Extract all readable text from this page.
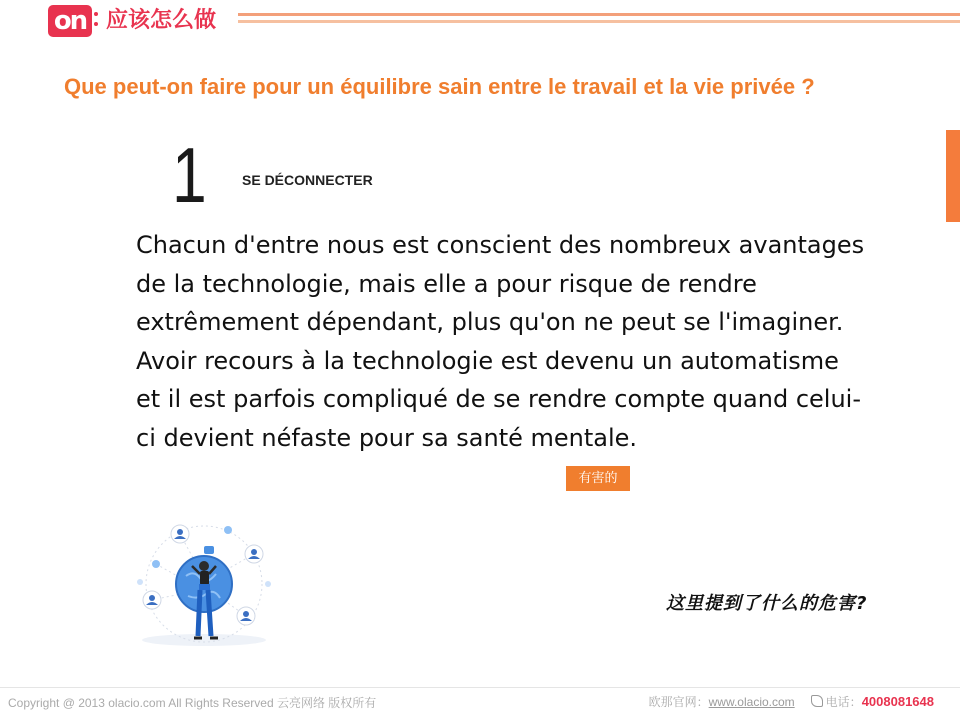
on 应该怎么做
Que peut-on faire pour un équilibre sain entre le travail et la vie privée ?
1	SE DÉCONNECTER
Chacun d'entre nous est conscient des nombreux avantages de la technologie, mais elle a pour risque de rendre extrêmement dépendant, plus qu'on ne peut se l'imaginer. Avoir recours à la technologie est devenu un automatisme et il est parfois compliqué de se rendre compte quand celui-ci devient néfaste pour sa santé mentale.
有害的
这里提到了什么的危害?
Copyright @ 2013 olacio.com All Rights Reserved 云亮网络 版权所有	欧那官网：www.olacio.com	电话：4008081648
